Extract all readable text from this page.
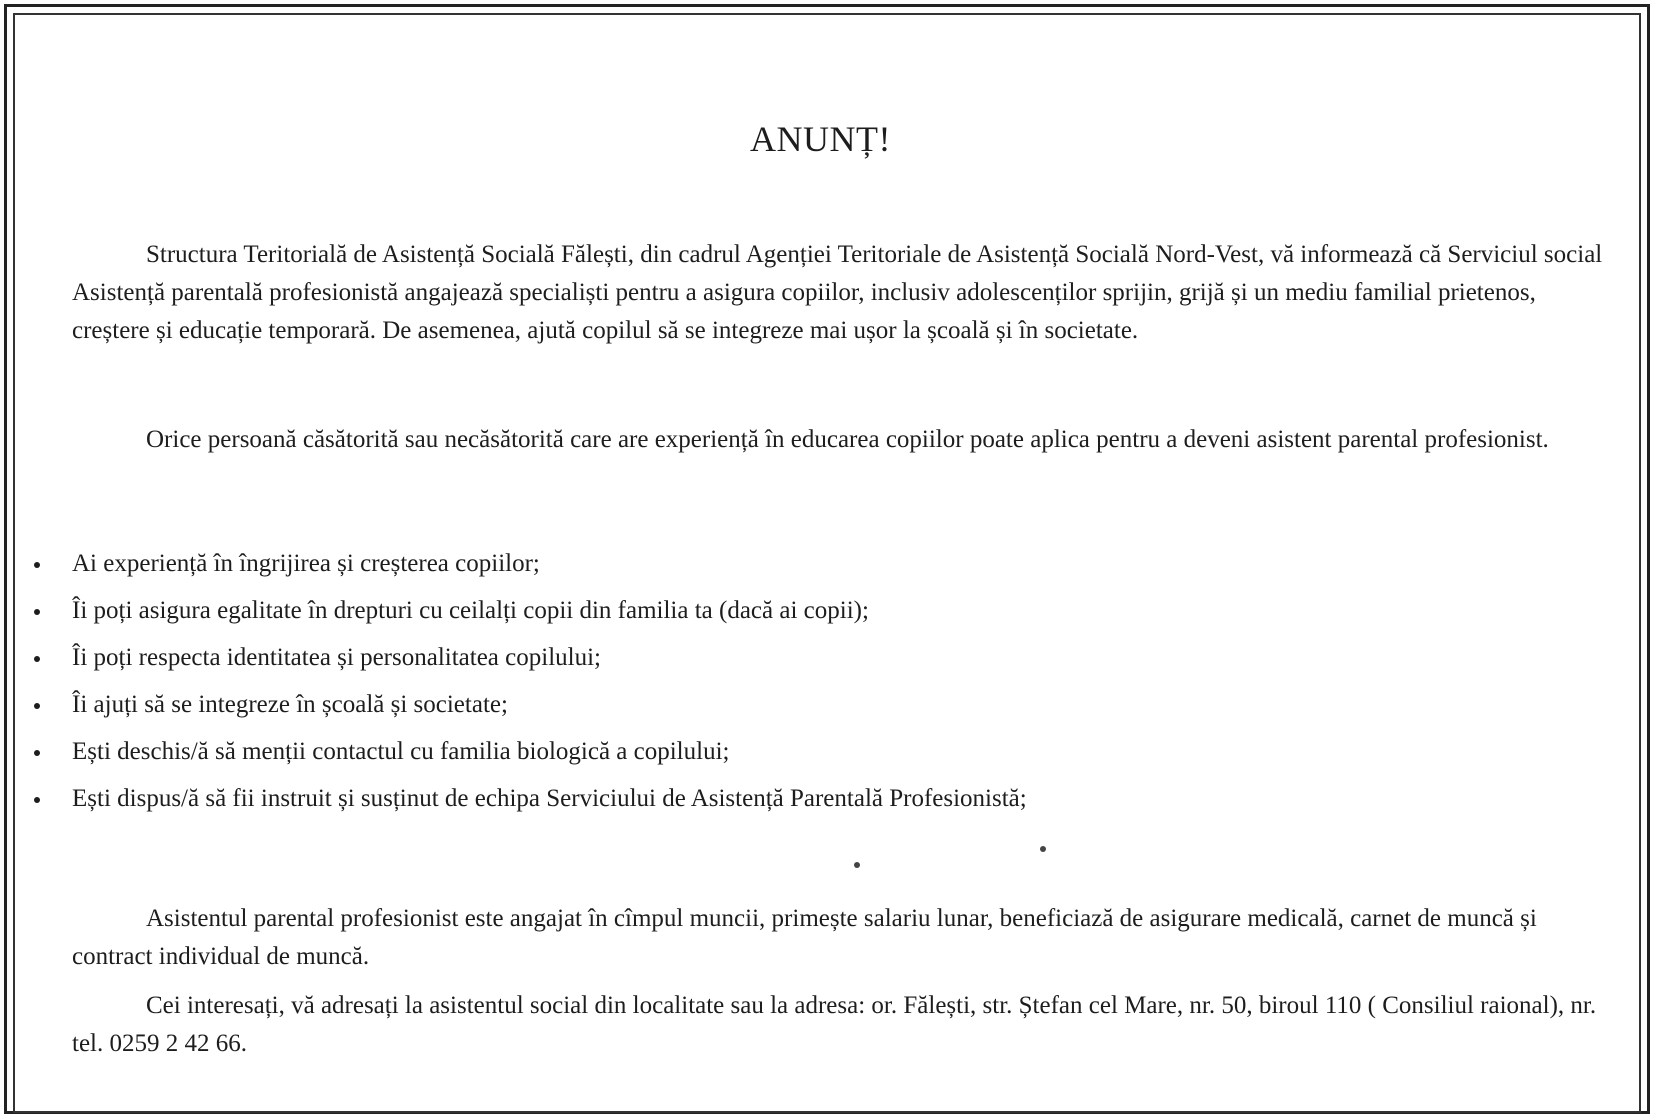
ANUNȚ!

Structura Teritorială de Asistență Socială Fălești, din cadrul Agenției Teritoriale de Asistență Socială Nord-Vest, vă informează că Serviciul social Asistență parentală profesionistă angajează specialiști pentru a asigura copiilor, inclusiv adolescenților sprijin, grijă și un mediu familial prietenos, creștere și educație temporară. De asemenea, ajută copilul să se integreze mai ușor la școală și în societate.

Orice persoană căsătorită sau necăsătorită care are experiență în educarea copiilor poate aplica pentru a deveni asistent parental profesionist.

Ai experiență în îngrijirea și creșterea copiilor;
Îi poți asigura egalitate în drepturi cu ceilalți copii din familia ta (dacă ai copii);
Îi poți respecta identitatea și personalitatea copilului;
Îi ajuți să se integreze în școală și societate;
Ești deschis/ă să menții contactul cu familia biologică a copilului;
Ești dispus/ă să fii instruit și susținut de echipa Serviciului de Asistență Parentală Profesionistă;

Asistentul parental profesionist este angajat în cîmpul muncii, primește salariu lunar, beneficiază de asigurare medicală, carnet de muncă și contract individual de muncă.

Cei interesați, vă adresați la asistentul social din localitate sau la adresa: or. Fălești, str. Ștefan cel Mare, nr. 50, biroul 110 ( Consiliul raional), nr. tel. 0259 2 42 66.
